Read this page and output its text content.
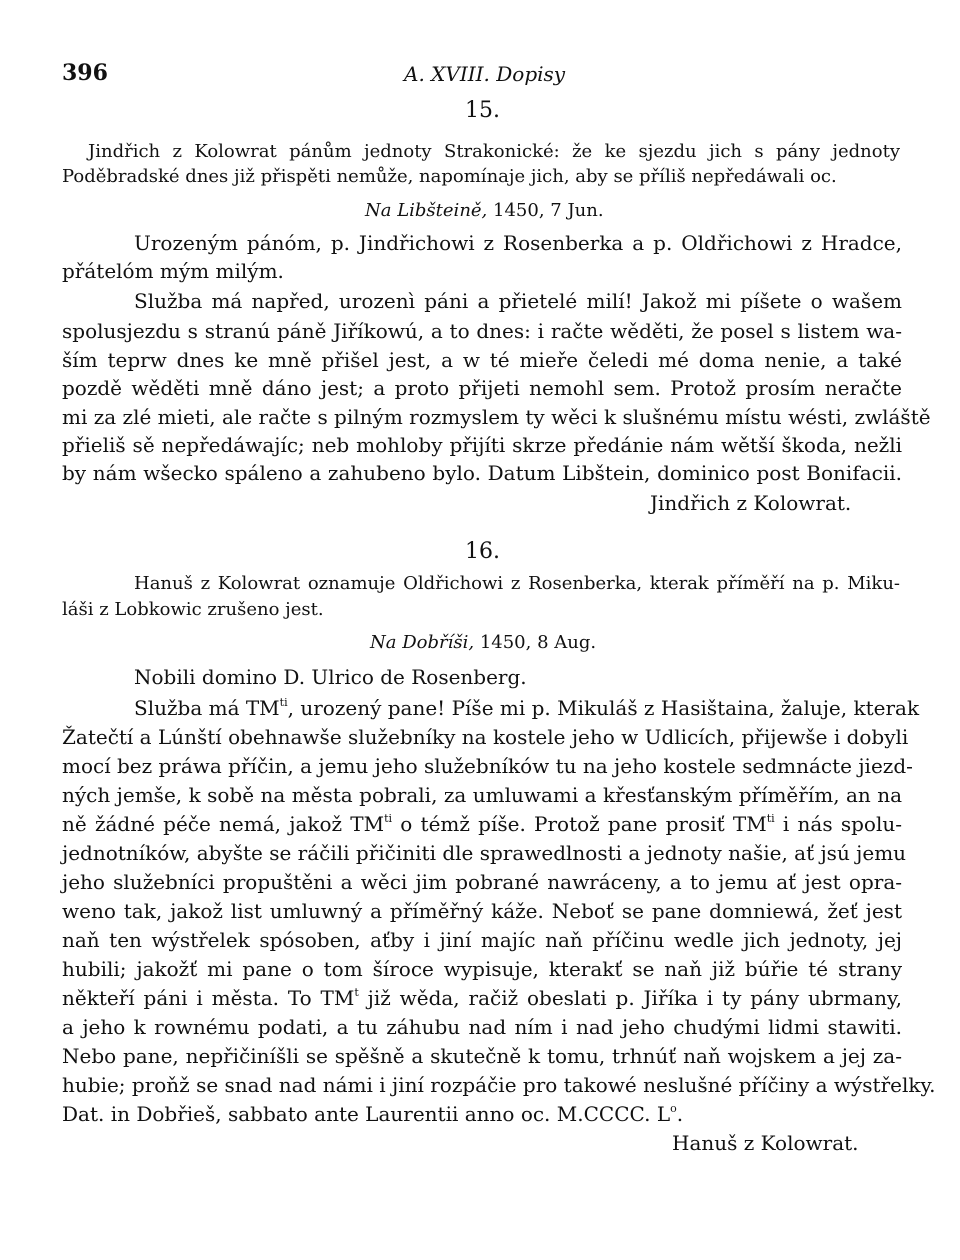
396	A. XVIII. Dopisy
15.
Jindřich z Kolowrat pánům jednoty Strakonické: že ke sjezdu jich s pány jednoty
Poděbradské dnes již přispěti nemůže, napomínaje jich, aby se příliš nepředáwali oc.
Na Libšteině, 1450, 7 Jun.
Urozeným pánóm, p. Jindřichowi z Rosenberka a p. Oldřichowi z Hradce,
přátelóm mým milým.
Služba má napřed, urozenì páni a přietelé milí! Jakož mi píšete o wašem
spolusjezdu s stranú páně Jiříkowú, a to dnes: i račte wěděti, že posel s listem wa-
ším teprw dnes ke mně přišel jest, a w té mieře čeledi mé doma nenie, a také
pozdě wěděti mně dáno jest; a proto přijeti nemohl sem. Protož prosím neračte
mi za zlé mieti, ale račte s pilným rozmyslem ty wěci k slušnému místu wésti, zwláště
přieliš sě nepředáwajíc; neb mohloby přijíti skrze předánie nám wětší škoda, nežli
by nám wšecko spáleno a zahubeno bylo. Datum Libštein, dominico post Bonifacii.
Jindřich z Kolowrat.
16.
Hanuš z Kolowrat oznamuje Oldřichowi z Rosenberka, kterak příměří na p. Miku-
láši z Lobkowic zrušeno jest.
Na Dobříši, 1450, 8 Aug.
Nobili domino D. Ulrico de Rosenberg.
Služba má $TM^{ti}$, urozený pane! Píše mi p. Mikuláš z Hasištaina, žaluje, kterak
Žatečtí a Lúnští obehnawše služebníky na kostele jeho w Udlicích, přijewše i dobyli
mocí bez práwa příčin, a jemu jeho služebníków tu na jeho kostele sedmnácte jiezd-
ných jemše, k sobě na města pobrali, za umluwami a křesťanským příměřím, an na
ně žádné péče nemá, jakož $TM^{ti}$ o témž píše. Protož pane prosiť $TM^{ti}$ i nás spolu-
jednotníków, abyšte se ráčili přičiniti dle sprawedlnosti a jednoty našie, ať jsú jemu
jeho služebníci propuštěni a wěci jim pobrané nawráceny, a to jemu ať jest opra-
weno tak, jakož list umluwný a příměřný káže. Neboť se pane domniewá, žeť jest
naň ten wýstřelek spósoben, aťby i jiní majíc naň příčinu wedle jich jednoty, jej
hubili; jakožť mi pane o tom šíroce wypisuje, kterakť se naň již búřie té strany
někteří páni i města. To $TM^t$ již wěda, račiž obeslati p. Jiříka i ty pány ubrmany,
a jeho k rownému podati, a tu záhubu nad ním i nad jeho chudými lidmi stawiti.
Nebo pane, nepřičiníšli se spěšně a skutečně k tomu, trhnúť naň wojskem a jej za-
hubie; proňž se snad nad námi i jiní rozpáčie pro takowé neslušné příčiny a wýstřelky.
Dat. in Dobřieš, sabbato ante Laurentii anno oc. M.CCCC. $L^o$.
Hanuš z Kolowrat.
